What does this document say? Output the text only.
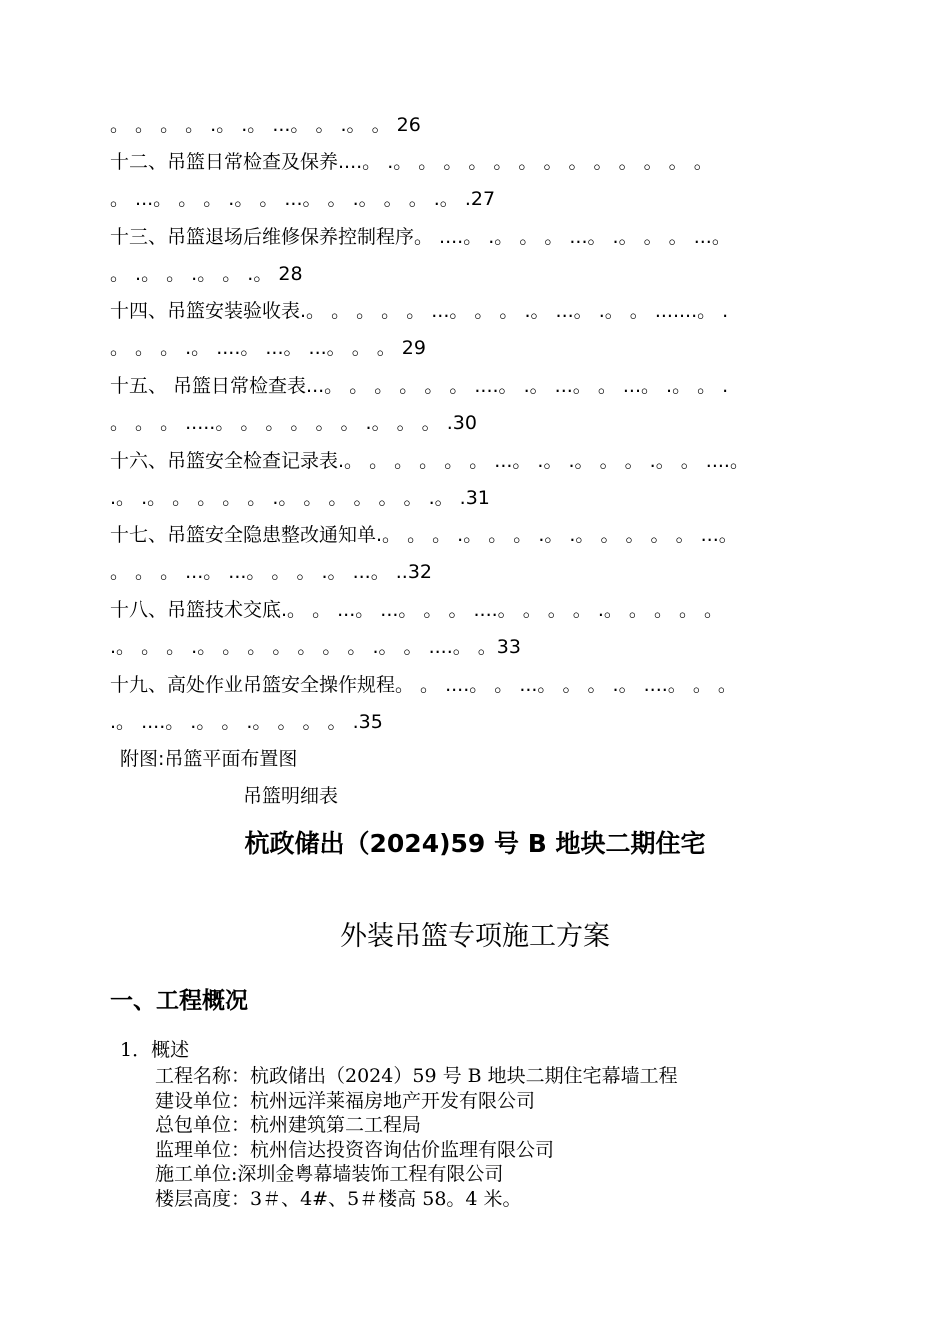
。 。 。 。 .。 .。 ...。 。 .。 。 26
十二、吊篮日常检查及保养....。 .。 。 。 。 。 。 。 。 。 。 。 。 。
。 ...。 。 。 .。 。 ...。 。 .。 。 。 .。 .27
十三、吊篮退场后维修保养控制程序。 ....。 .。 。 。 ...。 .。 。 。 ...。
。 .。 。 .。 。 .。 28
十四、吊篮安装验收表.。 。 。 。 。 ...。 。 。 .。 ...。 .。 。 .......。 .
。 。 。 .。 ....。 ...。 ...。 。 。 29
十五、 吊篮日常检查表...。 。 。 。 。 。 ....。 .。 ...。 。 ...。 .。 。 .
。 。 。 .....。 。 。 。 。 。 .。 。 。 .30
十六、吊篮安全检查记录表.。 。 。 。 。 。 ...。 .。 .。 。 。 .。 。 ....。
.。 .。 。 。 。 。 .。 。 。 。 。 。 .。 .31
十七、吊篮安全隐患整改通知单.。 。 。 .。 。 。 .。 .。 。 。 。 。 ...。
。 。 。 ...。 ...。 。 。 .。 ...。 ..32
十八、吊篮技术交底.。 。 ...。 ...。 。 。 ....。 。 。 。 .。 。 。 。 。
.。 。 。 .。 。 。 。 。 。 。 .。 。 ....。 。33
十九、高处作业吊篮安全操作规程。 。 ....。 。 ...。 。 。 .。 ....。 。 。
.。 ....。 .。 。 .。 。 。 。 .35
附图:吊篮平面布置图
吊篮明细表
杭政储出（2024)59 号 B 地块二期住宅
外装吊篮专项施工方案
一、工程概况
1．概述
工程名称：杭政储出（2024）59 号 B 地块二期住宅幕墙工程
建设单位：杭州远洋莱福房地产开发有限公司
总包单位：杭州建筑第二工程局
监理单位：杭州信达投资咨询估价监理有限公司
施工单位:深圳金粤幕墙装饰工程有限公司
楼层高度：3＃、4#、5＃楼高 58。4 米。
